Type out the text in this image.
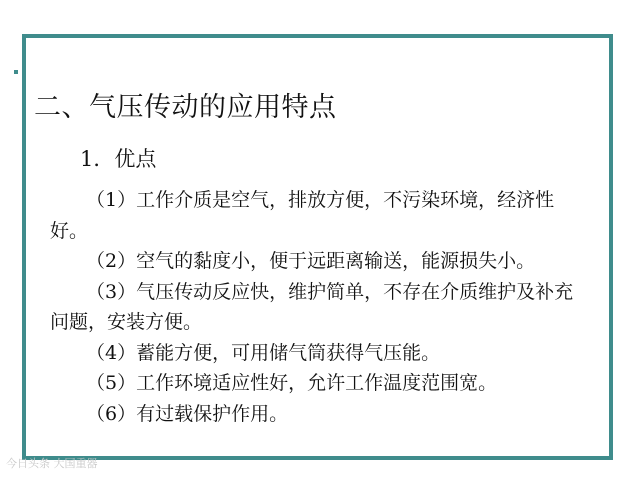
二、气压传动的应用特点
1．优点

（1）工作介质是空气，排放方便，不污染环境，经济性好。

（2）空气的黏度小，便于远距离输送，能源损失小。

（3）气压传动反应快，维护简单，不存在介质维护及补充问题，安装方便。

（4）蓄能方便，可用储气筒获得气压能。

（5）工作环境适应性好，允许工作温度范围宽。

（6）有过载保护作用。

今日头条 大国重器
